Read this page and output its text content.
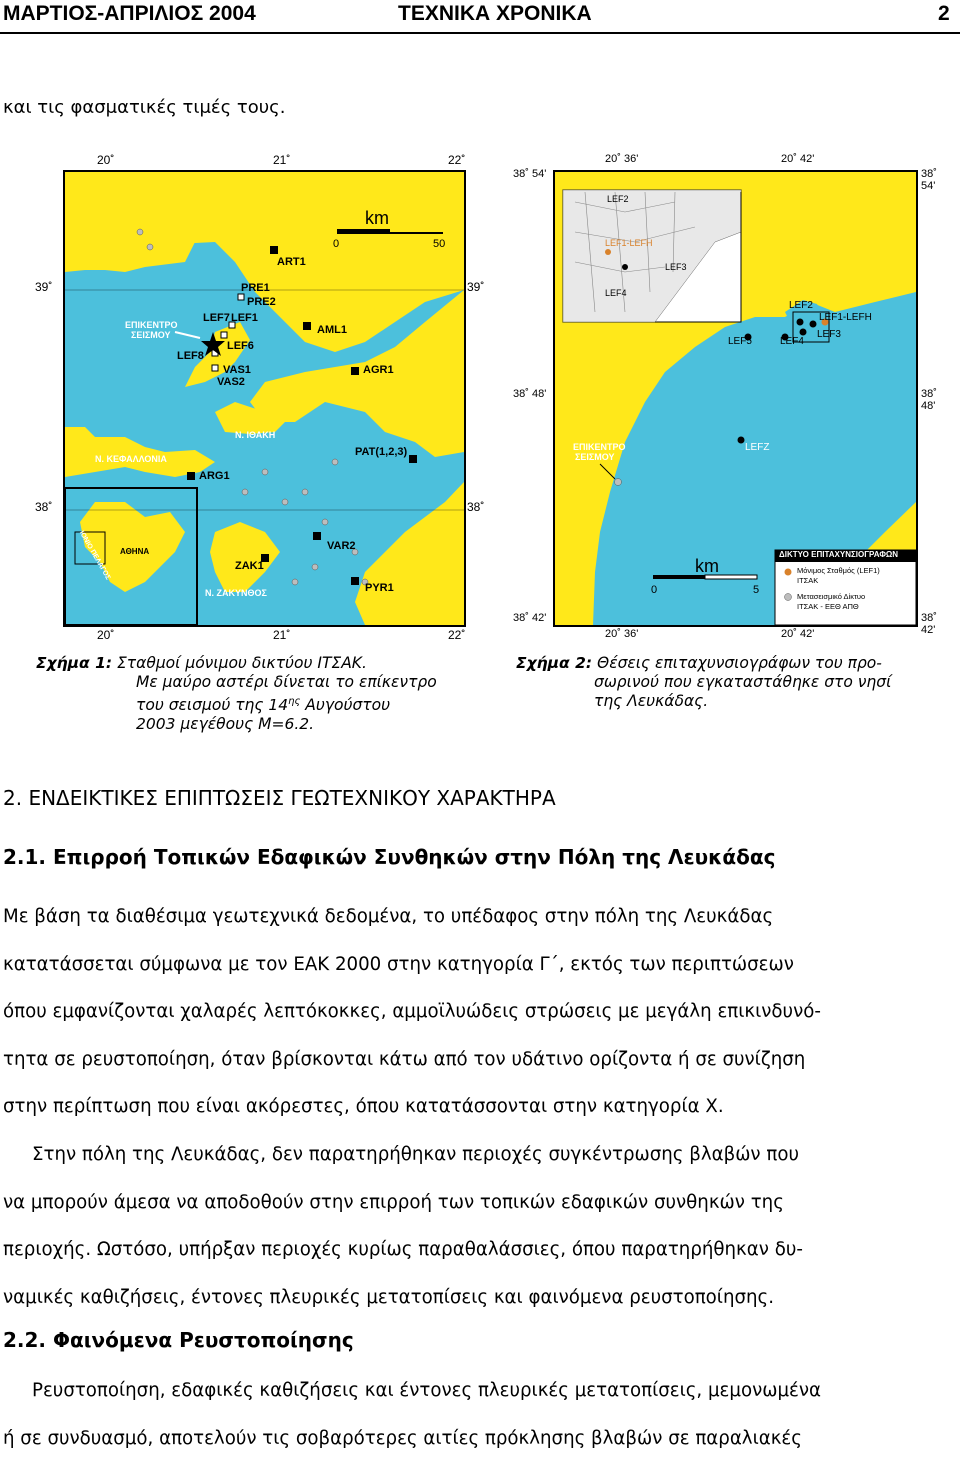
ΜΑΡΤΙΟΣ-ΑΠΡΙΛΙΟΣ 2004	ΤΕΧΝΙΚΑ ΧΡΟΝΙΚΑ	2
και τις φασματικές τιμές τους.
km
0	50
ΕΠΙΚΕΝΤΡΟ
ΣΕΙΣΜΟΥ
ART1
PRE1
PRE2
LEF7 LEF1
LEF6
LEF8
VAS1
VAS2
AML1
AGR1
PAT(1,2,3)
ARG1
VAR2
ZAK1
PYR1
Ν. ΙΘΑΚΗ
Ν. ΚΕΦΑΛΛΟΝΙΑ
Ν. ΖΑΚΥΝΘΟΣ
ΑΘΗΝΑ
ΙΟΝΙΟ ΠΕΛΑΓΟΣ
20˚	21˚	22˚
39˚
38˚
39˚
38˚
20˚	21˚	22˚
LEF2
LEF1-LEFH
LEF3
LEF4
LEF2
LEF1-LEFH
LEF3
LEF5	LEF4
LEFZ
ΕΠΙΚΕΝΤΡΟ
ΣΕΙΣΜΟΥ
km
0	5
ΔΙΚΤΥΟ ΕΠΙΤΑΧΥΝΣΙΟΓΡΑΦΩΝ
Μόνιμος Σταθμός (LEF1)
ΙΤΣΑΚ
Μετασεισμικό Δίκτυο
ΙΤΣΑΚ - ΕΕΘ ΑΠΘ
20˚ 36'	20˚ 42'
38˚ 54'	38˚ 54'
38˚ 48'	38˚ 48'
38˚ 42'	38˚ 42'
20˚ 36'	20˚ 42'
Σχήμα 1: Σταθμοί μόνιμου δικτύου ΙΤΣΑΚ.
Με μαύρο αστέρι δίνεται το επίκεντρο
του σεισμού της $14^{\eta\varsigma}$ Αυγούστου
2003 μεγέθους Μ=6.2.
Σχήμα 2: Θέσεις επιταχυνσιογράφων του προ-
σωρινού που εγκαταστάθηκε στο νησί
της Λευκάδας.
2. ΕΝΔΕΙΚΤΙΚΕΣ ΕΠΙΠΤΩΣΕΙΣ ΓΕΩΤΕΧΝΙΚΟΥ ΧΑΡΑΚΤΗΡΑ
2.1. Επιρροή Τοπικών Εδαφικών Συνθηκών στην Πόλη της Λευκάδας
Με βάση τα διαθέσιμα γεωτεχνικά δεδομένα, το υπέδαφος στην πόλη της Λευκάδας
κατατάσσεται σύμφωνα με τον ΕΑΚ 2000 στην κατηγορία Γ΄, εκτός των περιπτώσεων
όπου εμφανίζονται χαλαρές λεπτόκοκκες, αμμοϊλυώδεις στρώσεις με μεγάλη επικινδυνό-
τητα σε ρευστοποίηση, όταν βρίσκονται κάτω από τον υδάτινο ορίζοντα ή σε συνίζηση
στην περίπτωση που είναι ακόρεστες, όπου κατατάσσονται στην κατηγορία Χ.
Στην πόλη της Λευκάδας, δεν παρατηρήθηκαν περιοχές συγκέντρωσης βλαβών που
να μπορούν άμεσα να αποδοθούν στην επιρροή των τοπικών εδαφικών συνθηκών της
περιοχής. Ωστόσο, υπήρξαν περιοχές κυρίως παραθαλάσσιες, όπου παρατηρήθηκαν δυ-
ναμικές καθιζήσεις, έντονες πλευρικές μετατοπίσεις και φαινόμενα ρευστοποίησης.
2.2. Φαινόμενα Ρευστοποίησης
Ρευστοποίηση, εδαφικές καθιζήσεις και έντονες πλευρικές μετατοπίσεις, μεμονωμένα
ή σε συνδυασμό, αποτελούν τις σοβαρότερες αιτίες πρόκλησης βλαβών σε παραλιακές
